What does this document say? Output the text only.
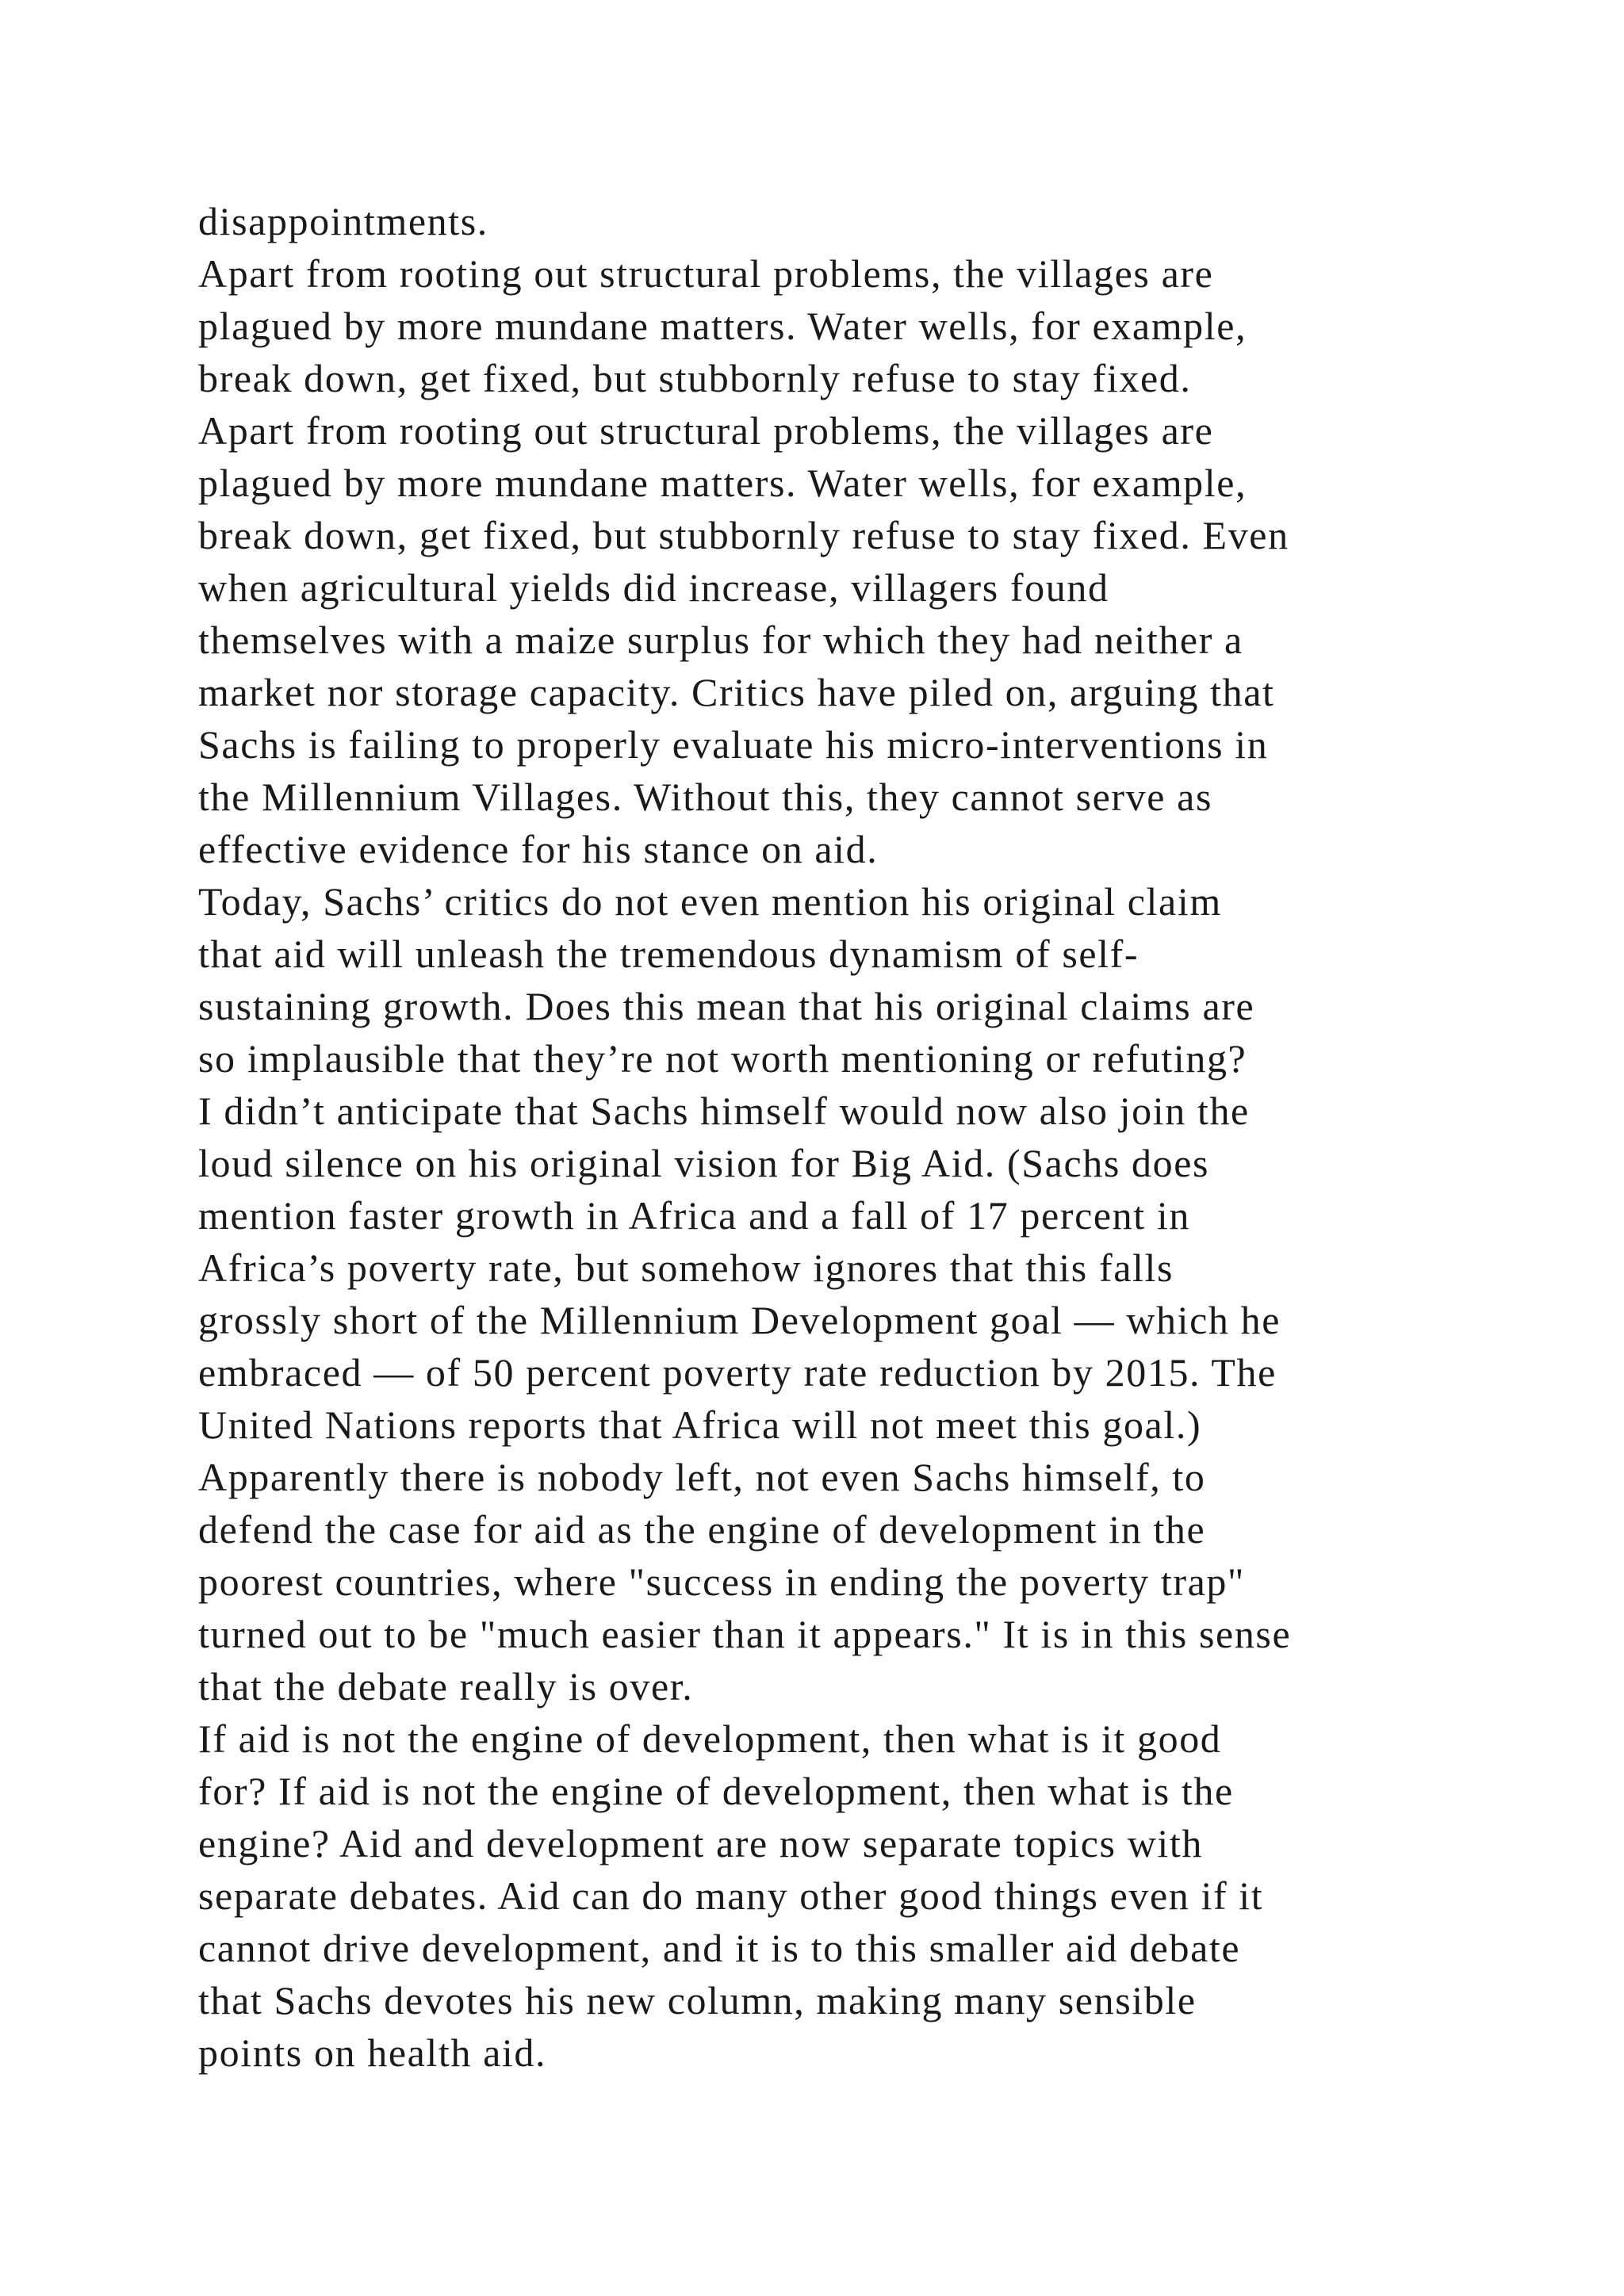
disappointments.
Apart from rooting out structural problems, the villages are
plagued by more mundane matters. Water wells, for example,
break down, get fixed, but stubbornly refuse to stay fixed.
Apart from rooting out structural problems, the villages are
plagued by more mundane matters. Water wells, for example,
break down, get fixed, but stubbornly refuse to stay fixed. Even
when agricultural yields did increase, villagers found
themselves with a maize surplus for which they had neither a
market nor storage capacity. Critics have piled on, arguing that
Sachs is failing to properly evaluate his micro-interventions in
the Millennium Villages. Without this, they cannot serve as
effective evidence for his stance on aid.
Today, Sachs’ critics do not even mention his original claim
that aid will unleash the tremendous dynamism of self-
sustaining growth. Does this mean that his original claims are
so implausible that they’re not worth mentioning or refuting?
I didn’t anticipate that Sachs himself would now also join the
loud silence on his original vision for Big Aid. (Sachs does
mention faster growth in Africa and a fall of 17 percent in
Africa’s poverty rate, but somehow ignores that this falls
grossly short of the Millennium Development goal — which he
embraced — of 50 percent poverty rate reduction by 2015. The
United Nations reports that Africa will not meet this goal.)
Apparently there is nobody left, not even Sachs himself, to
defend the case for aid as the engine of development in the
poorest countries, where "success in ending the poverty trap"
turned out to be "much easier than it appears." It is in this sense
that the debate really is over.
If aid is not the engine of development, then what is it good
for? If aid is not the engine of development, then what is the
engine? Aid and development are now separate topics with
separate debates. Aid can do many other good things even if it
cannot drive development, and it is to this smaller aid debate
that Sachs devotes his new column, making many sensible
points on health aid.
